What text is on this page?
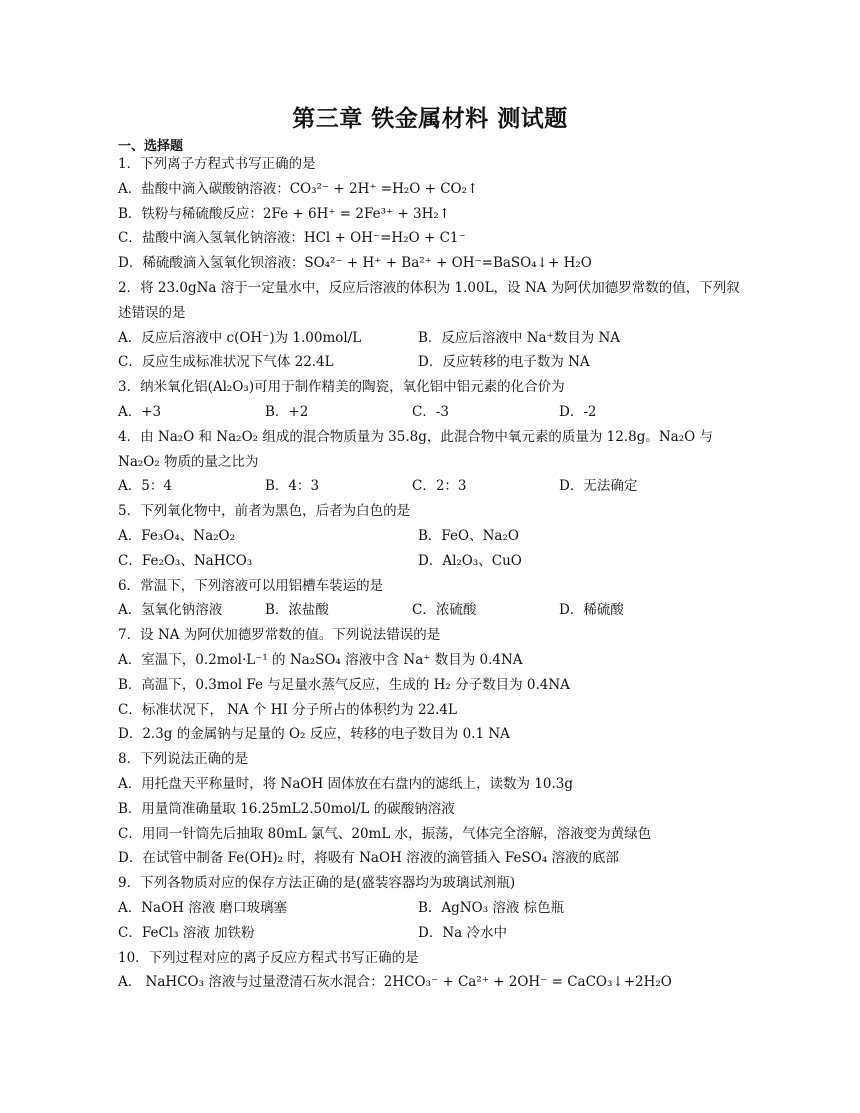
第三章 铁金属材料 测试题
一、选择题
1．下列离子方程式书写正确的是
A．盐酸中滴入碳酸钠溶液：CO₃²⁻ + 2H⁺ =H₂O + CO₂↑
B．铁粉与稀硫酸反应：2Fe + 6H⁺ = 2Fe³⁺ + 3H₂↑
C．盐酸中滴入氢氧化钠溶液：HCl + OH⁻=H₂O + C1⁻
D．稀硫酸滴入氢氧化钡溶液：SO₄²⁻ + H⁺ + Ba²⁺ + OH⁻=BaSO₄↓+ H₂O
2．将 23.0gNa 溶于一定量水中，反应后溶液的体积为 1.00L，设 NA 为阿伏加德罗常数的值，下列叙述错误的是
A．反应后溶液中 c(OH⁻)为 1.00mol/L	B．反应后溶液中 Na⁺数目为 NA
C．反应生成标准状况下气体 22.4L	D．反应转移的电子数为 NA
3．纳米氧化铝(Al₂O₃)可用于制作精美的陶瓷，氧化铝中铝元素的化合价为
A．+3	B．+2	C．-3	D．-2
4．由 Na₂O 和 Na₂O₂ 组成的混合物质量为 35.8g，此混合物中氧元素的质量为 12.8g。Na₂O 与 Na₂O₂ 物质的量之比为
A．5：4	B．4：3	C．2：3	D．无法确定
5．下列氧化物中，前者为黑色，后者为白色的是
A．Fe₃O₄、Na₂O₂	B．FeO、Na₂O
C．Fe₂O₃、NaHCO₃	D．Al₂O₃、CuO
6．常温下，下列溶液可以用铝槽车装运的是
A．氢氧化钠溶液	B．浓盐酸	C．浓硫酸	D．稀硫酸
7．设 NA 为阿伏加德罗常数的值。下列说法错误的是
A．室温下，0.2mol·L⁻¹ 的 Na₂SO₄ 溶液中含 Na⁺ 数目为 0.4NA
B．高温下，0.3mol Fe 与足量水蒸气反应，生成的 H₂ 分子数目为 0.4NA
C．标准状况下， NA 个 HI 分子所占的体积约为 22.4L
D．2.3g 的金属钠与足量的 O₂ 反应，转移的电子数目为 0.1 NA
8．下列说法正确的是
A．用托盘天平称量时，将 NaOH 固体放在右盘内的滤纸上，读数为 10.3g
B．用量筒准确量取 16.25mL2.50mol/L 的碳酸钠溶液
C．用同一针筒先后抽取 80mL 氯气、20mL 水，振荡，气体完全溶解，溶液变为黄绿色
D．在试管中制备 Fe(OH)₂ 时，将吸有 NaOH 溶液的滴管插入 FeSO₄ 溶液的底部
9．下列各物质对应的保存方法正确的是(盛装容器均为玻璃试剂瓶)
A．NaOH 溶液 磨口玻璃塞	B．AgNO₃ 溶液 棕色瓶
C．FeCl₃ 溶液 加铁粉	D．Na 冷水中
10．下列过程对应的离子反应方程式书写正确的是
A． NaHCO₃ 溶液与过量澄清石灰水混合：2HCO₃⁻ + Ca²⁺ + 2OH⁻ = CaCO₃↓+2H₂O
